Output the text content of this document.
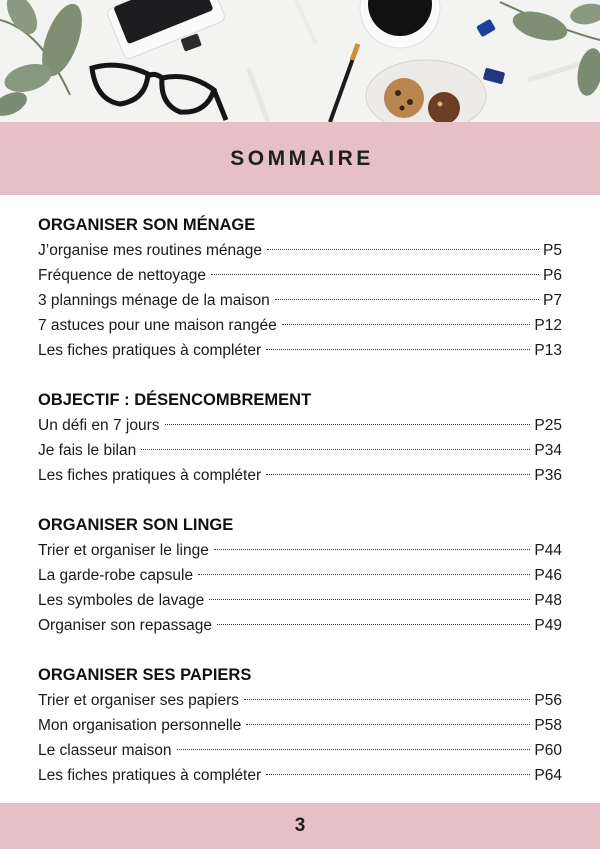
SOMMAIRE
ORGANISER SON MÉNAGE
J’organise mes routines ménage	P5
Fréquence de nettoyage	P6
3 plannings ménage de la maison	P7
7 astuces pour une maison rangée	P12
Les fiches pratiques à compléter	P13
OBJECTIF : DÉSENCOMBREMENT
Un défi en 7 jours	P25
Je fais le bilan	P34
Les fiches pratiques à compléter	P36
ORGANISER SON LINGE
Trier et organiser le linge	P44
La garde-robe capsule	P46
Les symboles de lavage	P48
Organiser son repassage	P49
ORGANISER SES PAPIERS
Trier et organiser ses papiers	P56
Mon organisation personnelle	P58
Le classeur maison	P60
Les fiches pratiques à compléter	P64
3
